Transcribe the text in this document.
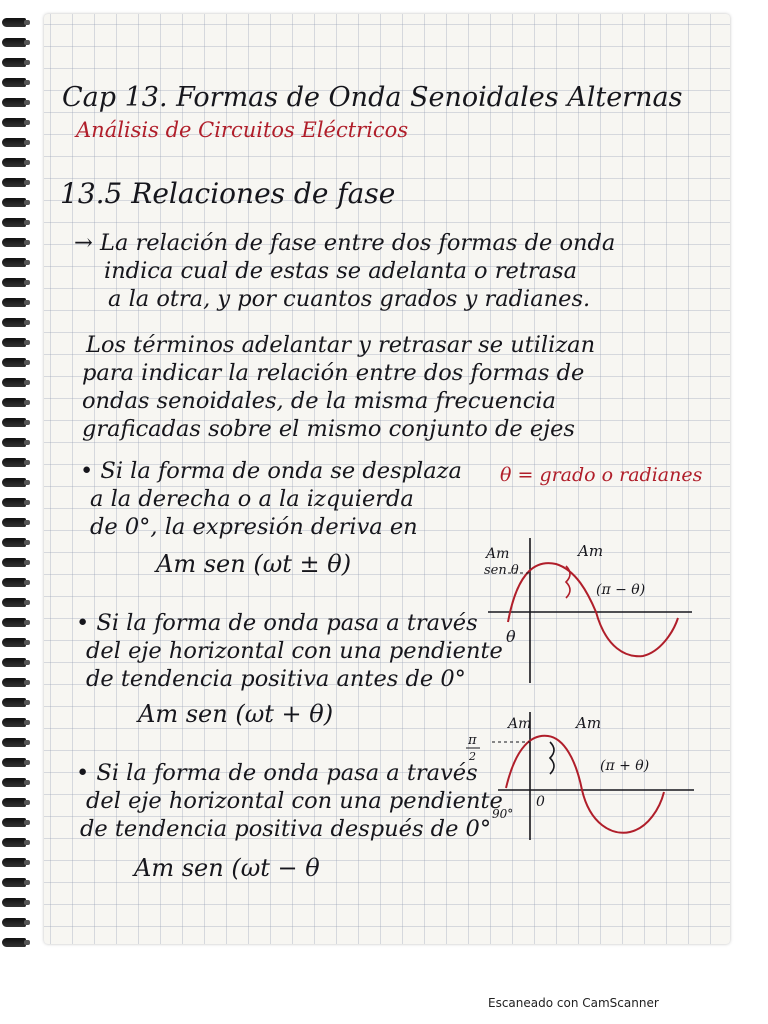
Cap 13. Formas de Onda Senoidales Alternas
Análisis de Circuitos Eléctricos
13.5 Relaciones de fase
→ La relación de fase entre dos formas de onda
indica cual de estas se adelanta o retrasa
a la otra, y por cuantos grados y radianes.
Los términos adelantar y retrasar se utilizan
para indicar la relación entre dos formas de
ondas senoidales, de la misma frecuencia
graficadas sobre el mismo conjunto de ejes
• Si la forma de onda se desplaza
a la derecha o a la izquierda
de 0°, la expresión deriva en
θ = grado o radianes
Am sen (ωt ± θ)
• Si la forma de onda pasa a través
del eje horizontal con una pendiente
de tendencia positiva antes de 0°
Am sen (ωt + θ)
• Si la forma de onda pasa a través
del eje horizontal con una pendiente
de tendencia positiva después de 0°
Am sen (ωt − θ
Am
sen θ
Am
(π − θ)
θ
Am	Am
π
2
(π + θ)
0
90°
Escaneado con CamScanner
